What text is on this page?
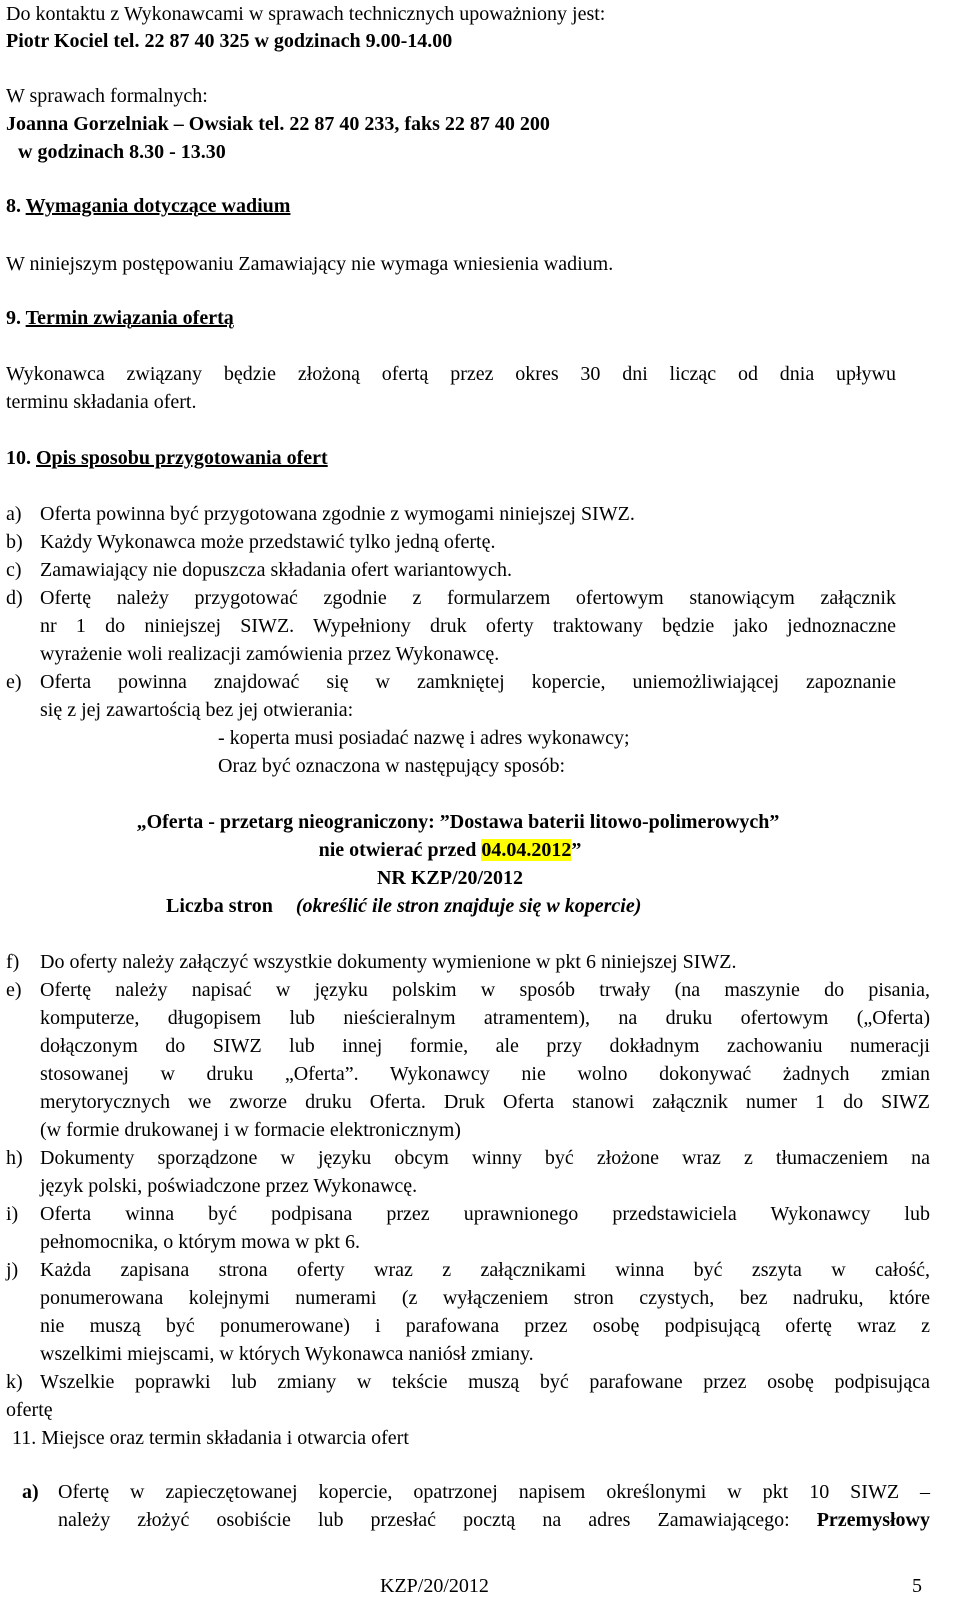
Do kontaktu z Wykonawcami w sprawach technicznych upoważniony jest:
Piotr Kociel tel. 22 87 40 325 w godzinach 9.00-14.00
W sprawach formalnych:
Joanna Gorzelniak – Owsiak tel. 22 87 40 233, faks 22 87 40 200
w godzinach 8.30 - 13.30
8. Wymagania dotyczące wadium
W niniejszym postępowaniu Zamawiający nie wymaga wniesienia wadium.
9. Termin związania ofertą
Wykonawca związany będzie złożoną ofertą przez okres 30 dni licząc od dnia upływu
terminu składania ofert.
10. Opis sposobu przygotowania ofert
a) Oferta powinna być przygotowana zgodnie z wymogami niniejszej SIWZ.
b) Każdy Wykonawca może przedstawić tylko jedną ofertę.
c) Zamawiający nie dopuszcza składania ofert wariantowych.
d) Ofertę należy przygotować zgodnie z formularzem ofertowym stanowiącym załącznik
nr 1 do niniejszej SIWZ. Wypełniony druk oferty traktowany będzie jako jednoznaczne
wyrażenie woli realizacji zamówienia przez Wykonawcę.
e) Oferta powinna znajdować się w zamkniętej kopercie, uniemożliwiającej zapoznanie
się z jej zawartością bez jej otwierania:
- koperta musi posiadać nazwę i adres wykonawcy;
Oraz być oznaczona w następujący sposób:
„Oferta - przetarg nieograniczony: ”Dostawa baterii litowo-polimerowych”
nie otwierać przed 04.04.2012”
NR KZP/20/2012
Liczba stron (określić ile stron znajduje się w kopercie)
f) Do oferty należy załączyć wszystkie dokumenty wymienione w pkt 6 niniejszej SIWZ.
e) Ofertę należy napisać w języku polskim w sposób trwały (na maszynie do pisania,
komputerze, długopisem lub nieścieralnym atramentem), na druku ofertowym („Oferta)
dołączonym do SIWZ lub innej formie, ale przy dokładnym zachowaniu numeracji
stosowanej w druku „Oferta”. Wykonawcy nie wolno dokonywać żadnych zmian
merytorycznych we zworze druku Oferta. Druk Oferta stanowi załącznik numer 1 do SIWZ
(w formie drukowanej i w formacie elektronicznym)
h) Dokumenty sporządzone w języku obcym winny być złożone wraz z tłumaczeniem na
język polski, poświadczone przez Wykonawcę.
i) Oferta winna być podpisana przez uprawnionego przedstawiciela Wykonawcy lub
pełnomocnika, o którym mowa w pkt 6.
j) Każda zapisana strona oferty wraz z załącznikami winna być zszyta w całość,
ponumerowana kolejnymi numerami (z wyłączeniem stron czystych, bez nadruku, które
nie muszą być ponumerowane) i parafowana przez osobę podpisującą ofertę wraz z
wszelkimi miejscami, w których Wykonawca naniósł zmiany.
k) Wszelkie poprawki lub zmiany w tekście muszą być parafowane przez osobę podpisująca
ofertę
11. Miejsce oraz termin składania i otwarcia ofert
a) Ofertę w zapieczętowanej kopercie, opatrzonej napisem określonymi w pkt 10 SIWZ –
należy złożyć osobiście lub przesłać pocztą na adres Zamawiającego: Przemysłowy
KZP/20/2012	5
